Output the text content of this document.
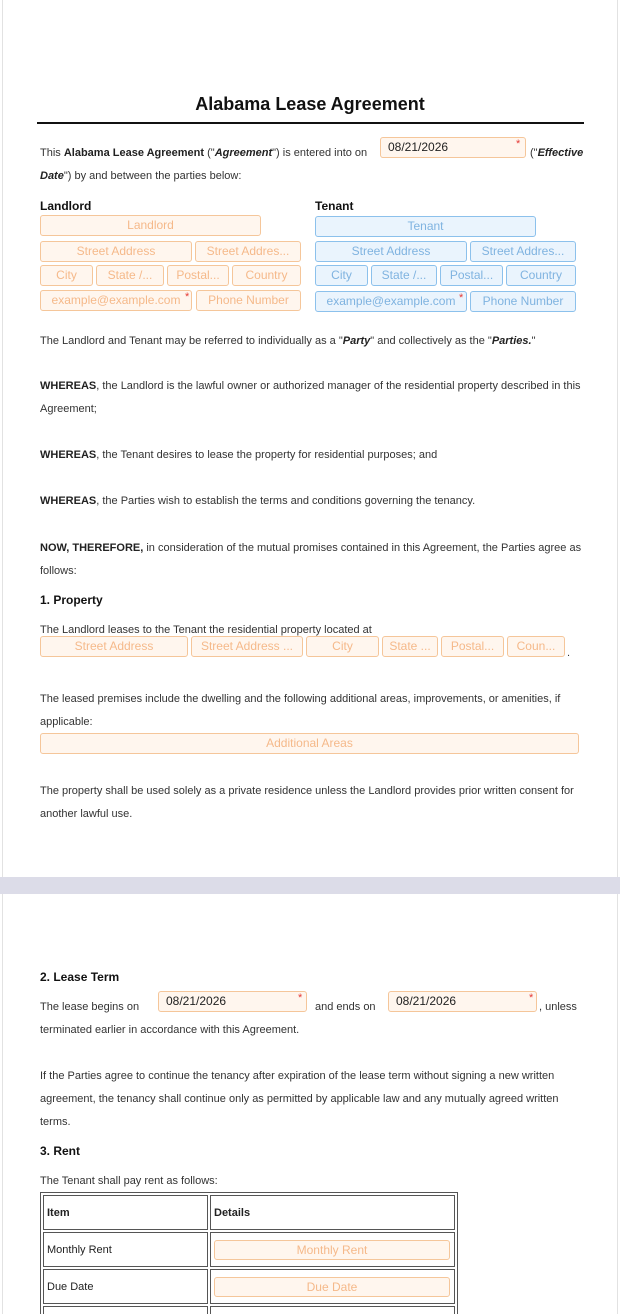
Alabama Lease Agreement
This Alabama Lease Agreement ("Agreement") is entered into on	08/21/2026	*
("Effective
Date") by and between the parties below:
Landlord
Landlord
Street Address	Street Addres...
City	State /...	Postal...	Country
example@example.com *	Phone Number
Tenant
Tenant
Street Address	Street Addres...
City	State /...	Postal...	Country
example@example.com *	Phone Number
The Landlord and Tenant may be referred to individually as a "Party" and collectively as the "Parties."
WHEREAS, the Landlord is the lawful owner or authorized manager of the residential property described in this Agreement;
WHEREAS, the Tenant desires to lease the property for residential purposes; and
WHEREAS, the Parties wish to establish the terms and conditions governing the tenancy.
NOW, THEREFORE, in consideration of the mutual promises contained in this Agreement, the Parties agree as follows:
1. Property
The Landlord leases to the Tenant the residential property located at
Street Address	Street Address ...	City	State ...	Postal...	Coun...	.
The leased premises include the dwelling and the following additional areas, improvements, or amenities, if applicable:
Additional Areas
The property shall be used solely as a private residence unless the Landlord provides prior written consent for another lawful use.
2. Lease Term
The lease begins on	08/21/2026	*
and ends on	08/21/2026	*
, unless
terminated earlier in accordance with this Agreement.
If the Parties agree to continue the tenancy after expiration of the lease term without signing a new written agreement, the tenancy shall continue only as permitted by applicable law and any mutually agreed written terms.
3. Rent
The Tenant shall pay rent as follows:
Item	Details
Monthly Rent	Monthly Rent

Due Date	Due Date
